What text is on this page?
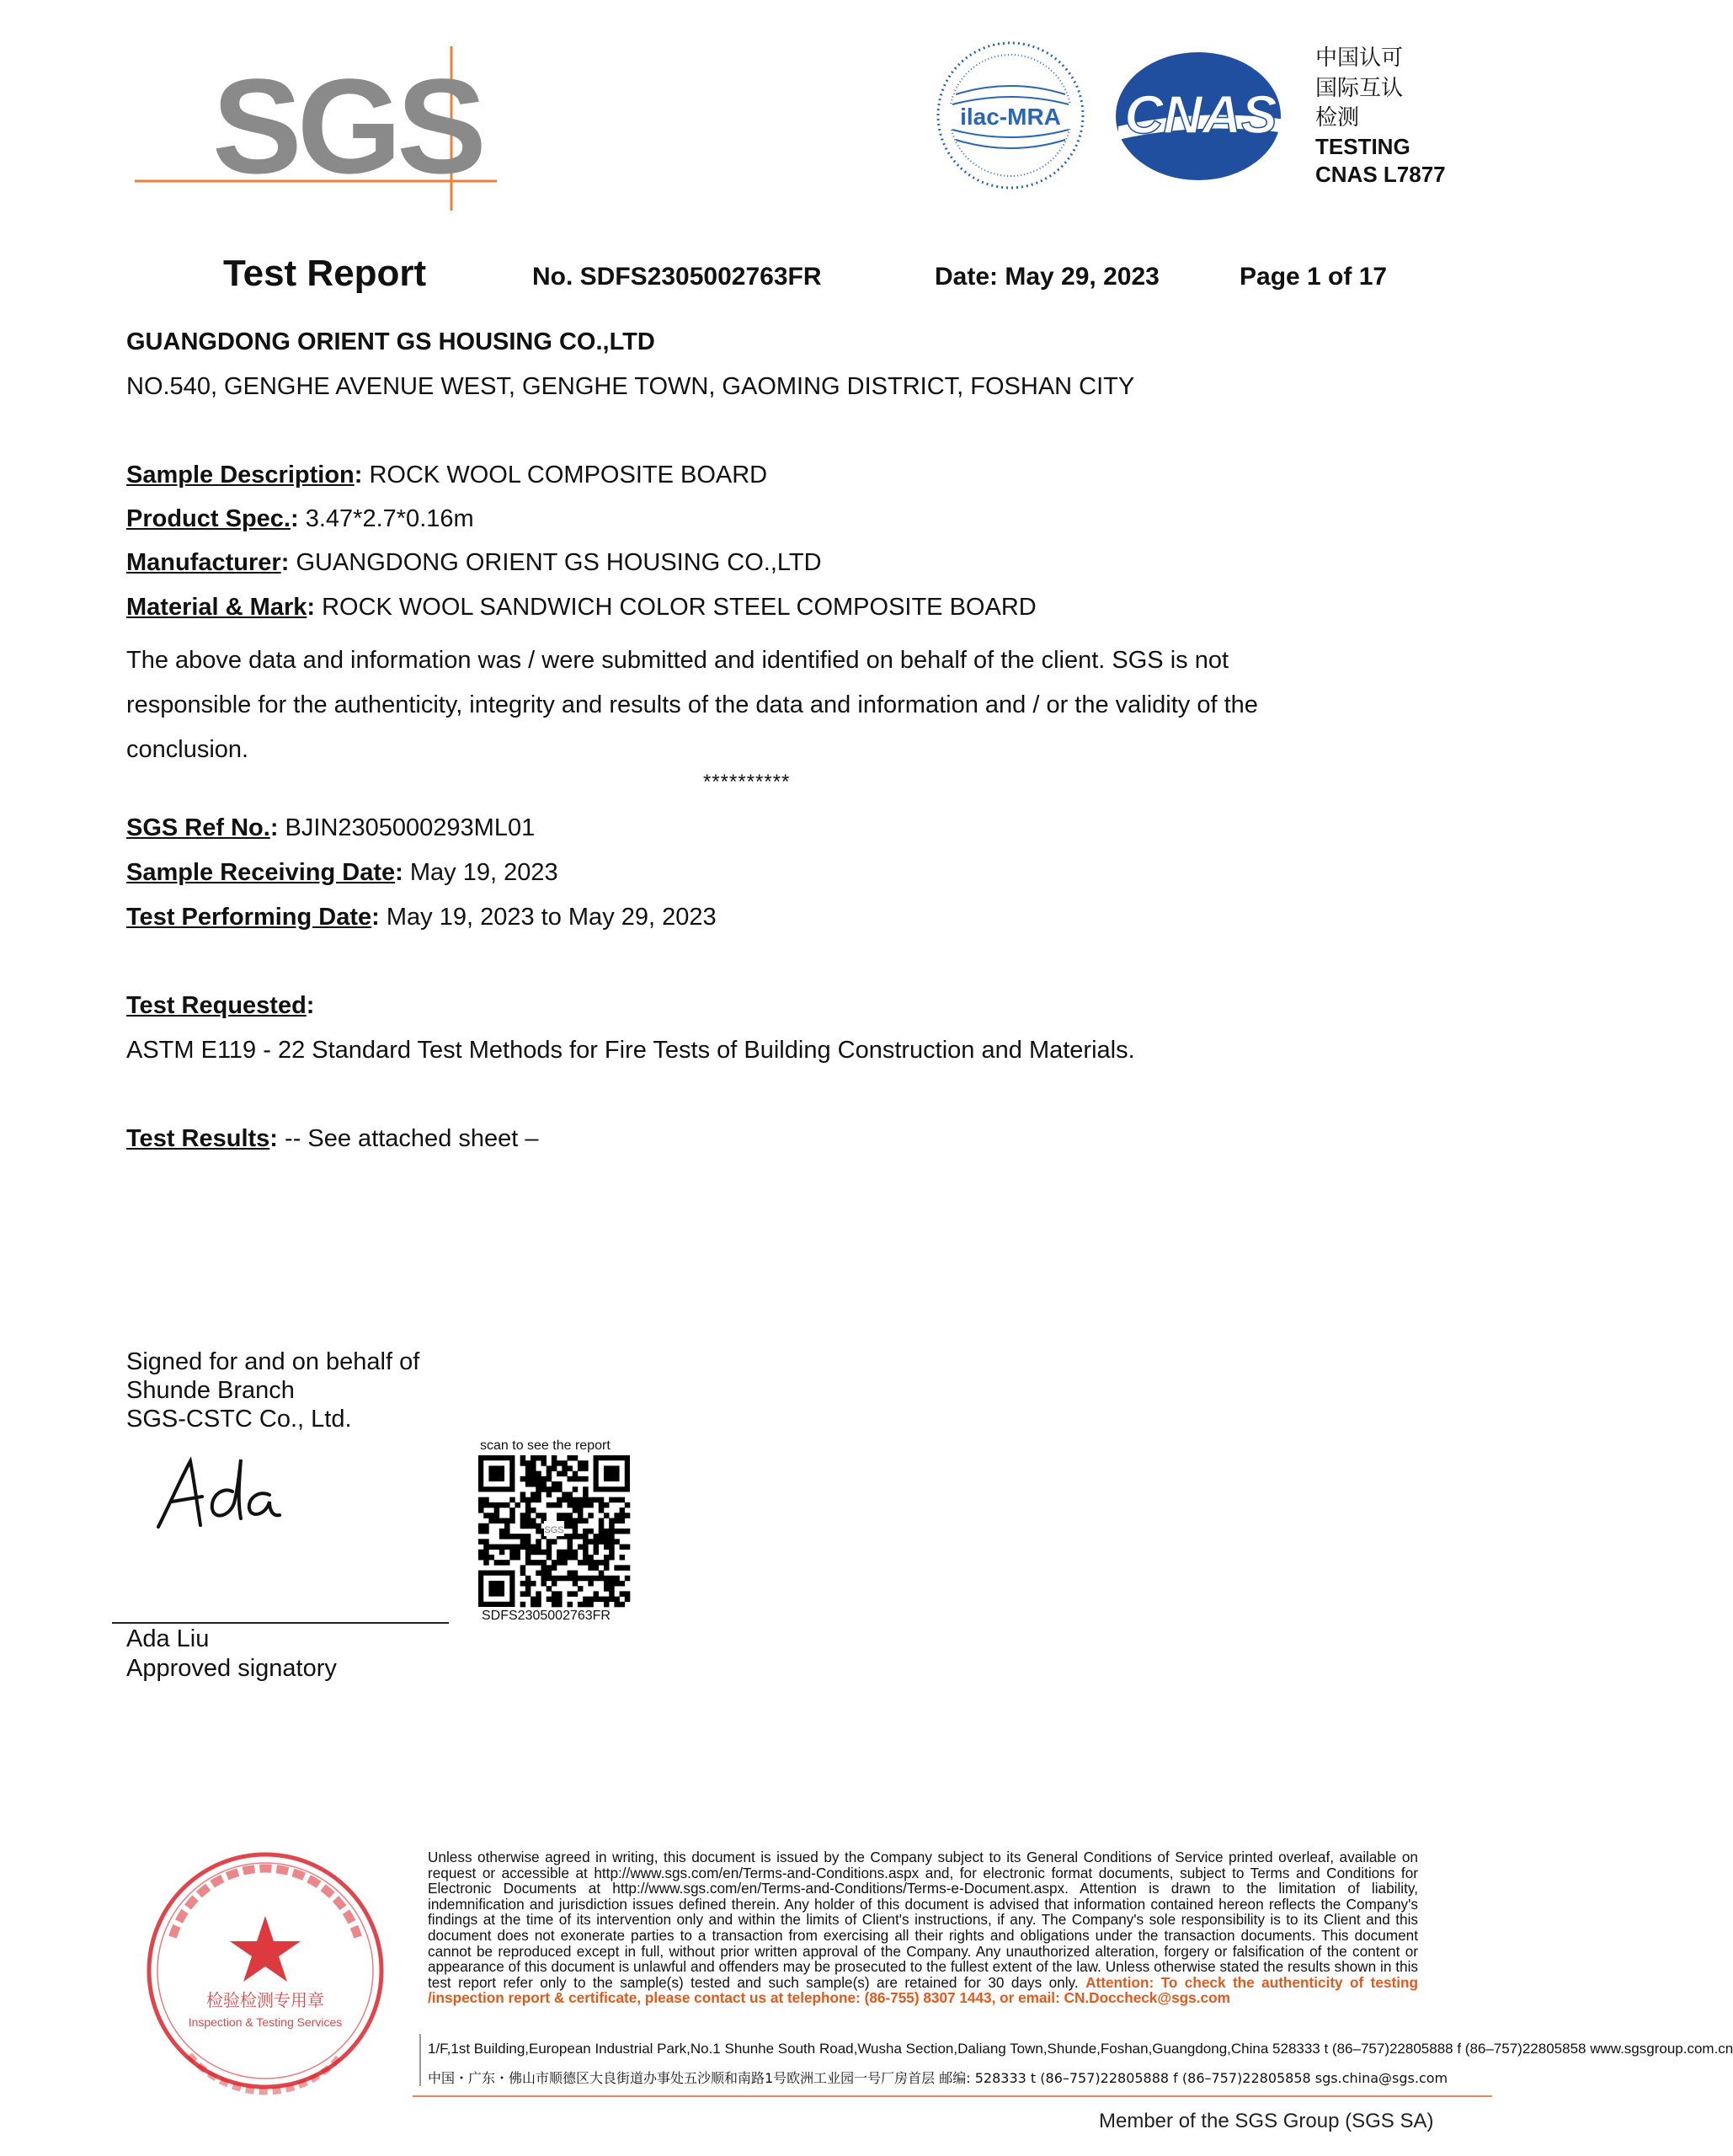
SGS	ilac-MRA CNAS
中国认可
国际互认
检测
TESTING
CNAS L7877
Test Report	No. SDFS2305002763FR	Date: May 29, 2023	Page 1 of 17
GUANGDONG ORIENT GS HOUSING CO.,LTD
NO.540, GENGHE AVENUE WEST, GENGHE TOWN, GAOMING DISTRICT, FOSHAN CITY
Sample Description: ROCK WOOL COMPOSITE BOARD
Product Spec.: 3.47*2.7*0.16m
Manufacturer: GUANGDONG ORIENT GS HOUSING CO.,LTD
Material & Mark: ROCK WOOL SANDWICH COLOR STEEL COMPOSITE BOARD
The above data and information was / were submitted and identified on behalf of the client. SGS is not responsible for the authenticity, integrity and results of the data and information and / or the validity of the conclusion.
**********
SGS Ref No.: BJIN2305000293ML01
Sample Receiving Date: May 19, 2023
Test Performing Date: May 19, 2023 to May 29, 2023
Test Requested:
ASTM E119 - 22 Standard Test Methods for Fire Tests of Building Construction and Materials.
Test Results: -- See attached sheet –
Signed for and on behalf of
Shunde Branch
SGS-CSTC Co., Ltd.
Ada Liu
Approved signatory
scan to see the report
SGS
SDFS2305002763FR
检验检测专用章
Inspection & Testing Services
Unless otherwise agreed in writing, this document is issued by the Company subject to its General Conditions of Service printed overleaf, available on request or accessible at http://www.sgs.com/en/Terms-and-Conditions.aspx and, for electronic format documents, subject to Terms and Conditions for Electronic Documents at http://www.sgs.com/en/Terms-and-Conditions/Terms-e-Document.aspx. Attention is drawn to the limitation of liability, indemnification and jurisdiction issues defined therein. Any holder of this document is advised that information contained hereon reflects the Company's findings at the time of its intervention only and within the limits of Client's instructions, if any. The Company's sole responsibility is to its Client and this document does not exonerate parties to a transaction from exercising all their rights and obligations under the transaction documents. This document cannot be reproduced except in full, without prior written approval of the Company. Any unauthorized alteration, forgery or falsification of the content or appearance of this document is unlawful and offenders may be prosecuted to the fullest extent of the law. Unless otherwise stated the results shown in this test report refer only to the sample(s) tested and such sample(s) are retained for 30 days only. Attention: To check the authenticity of testing /inspection report & certificate, please contact us at telephone: (86-755) 8307 1443, or email: CN.Doccheck@sgs.com
1/F,1st Building,European Industrial Park,No.1 Shunhe South Road,Wusha Section,Daliang Town,Shunde,Foshan,Guangdong,China 528333 t (86–757)22805888 f (86–757)22805858 www.sgsgroup.com.cn
中国・广东・佛山市顺德区大良街道办事处五沙顺和南路1号欧洲工业园一号厂房首层 邮编: 528333 t (86–757)22805888 f (86–757)22805858 sgs.china@sgs.com
Member of the SGS Group (SGS SA)
